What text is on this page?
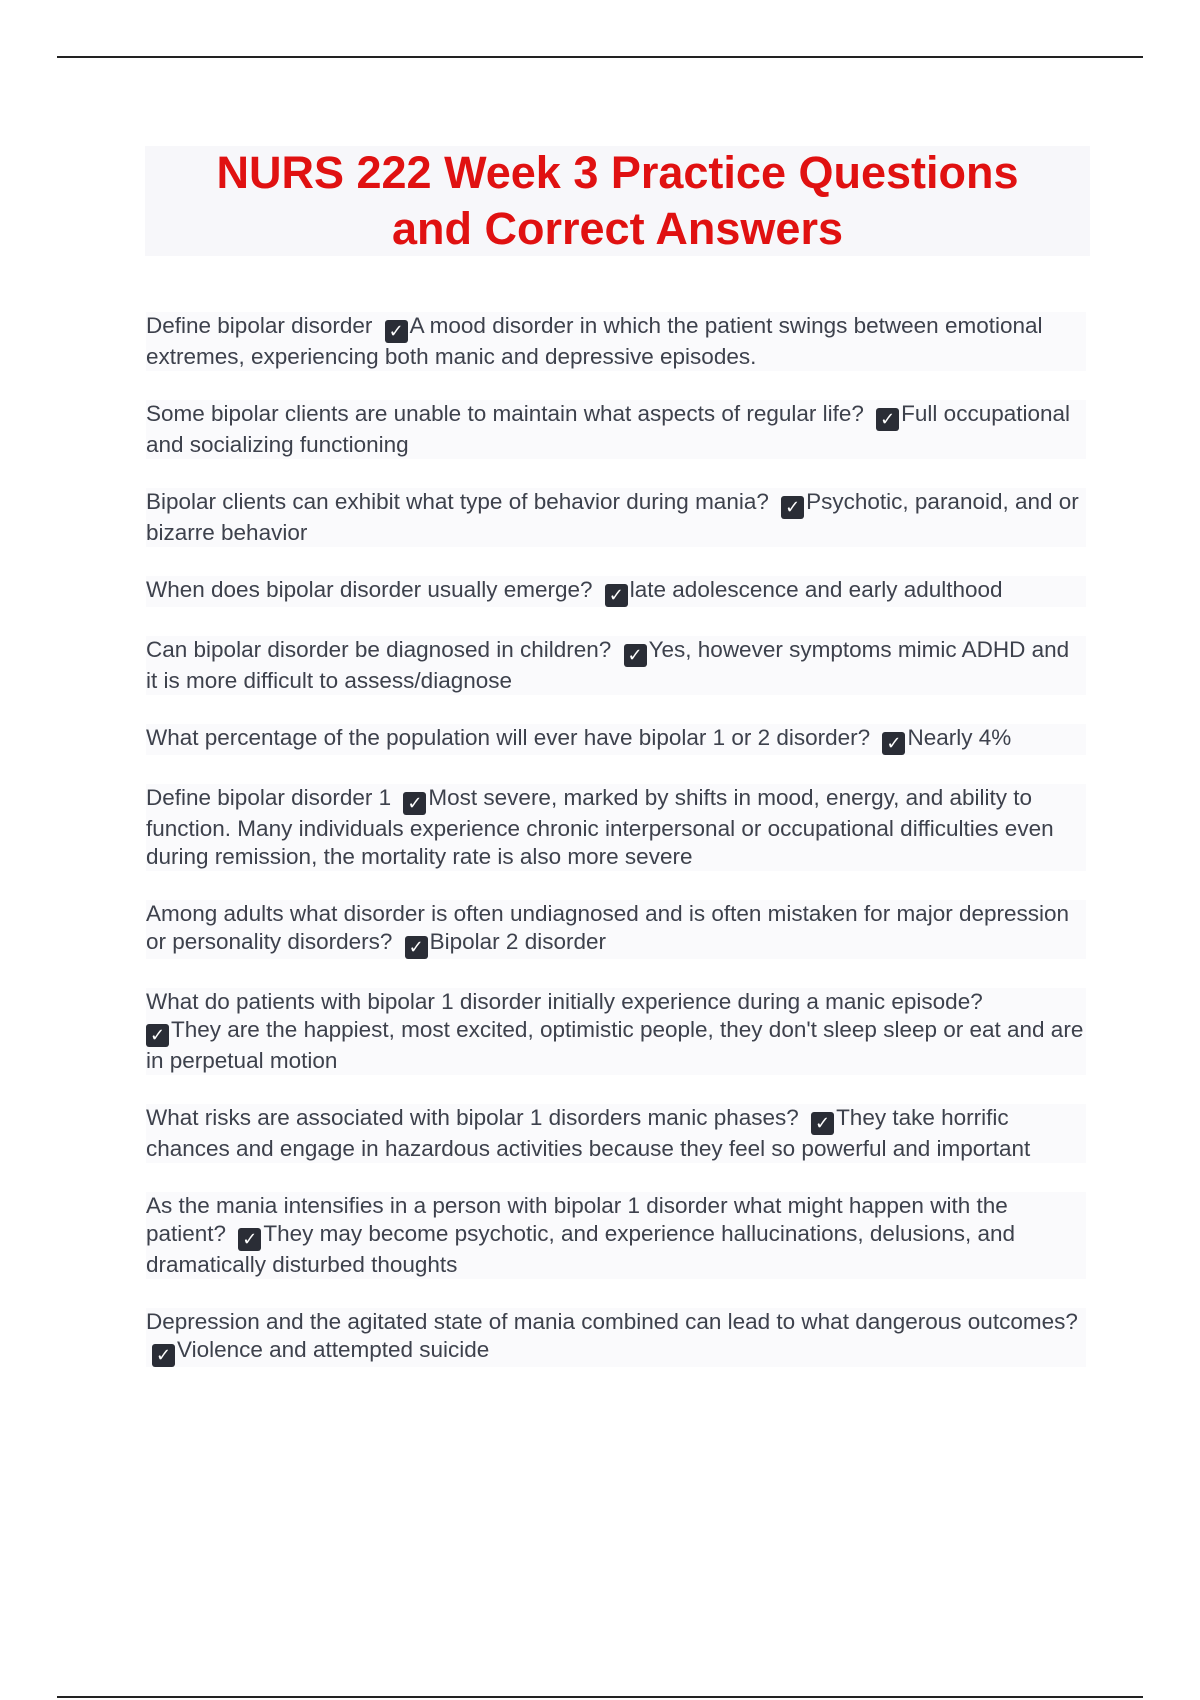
NURS 222 Week 3 Practice Questions
and Correct Answers
Define bipolar disorder ✓ A mood disorder in which the patient swings between emotional extremes, experiencing both manic and depressive episodes.
Some bipolar clients are unable to maintain what aspects of regular life? ✓ Full occupational and socializing functioning
Bipolar clients can exhibit what type of behavior during mania? ✓ Psychotic, paranoid, and or bizarre behavior
When does bipolar disorder usually emerge? ✓ late adolescence and early adulthood
Can bipolar disorder be diagnosed in children? ✓ Yes, however symptoms mimic ADHD and it is more difficult to assess/diagnose
What percentage of the population will ever have bipolar 1 or 2 disorder? ✓ Nearly 4%
Define bipolar disorder 1 ✓ Most severe, marked by shifts in mood, energy, and ability to function. Many individuals experience chronic interpersonal or occupational difficulties even during remission, the mortality rate is also more severe
Among adults what disorder is often undiagnosed and is often mistaken for major depression or personality disorders? ✓ Bipolar 2 disorder
What do patients with bipolar 1 disorder initially experience during a manic episode?
✓ They are the happiest, most excited, optimistic people, they don't sleep sleep or eat and are in perpetual motion
What risks are associated with bipolar 1 disorders manic phases? ✓ They take horrific chances and engage in hazardous activities because they feel so powerful and important
As the mania intensifies in a person with bipolar 1 disorder what might happen with the patient? ✓ They may become psychotic, and experience hallucinations, delusions, and dramatically disturbed thoughts
Depression and the agitated state of mania combined can lead to what dangerous outcomes? ✓ Violence and attempted suicide
